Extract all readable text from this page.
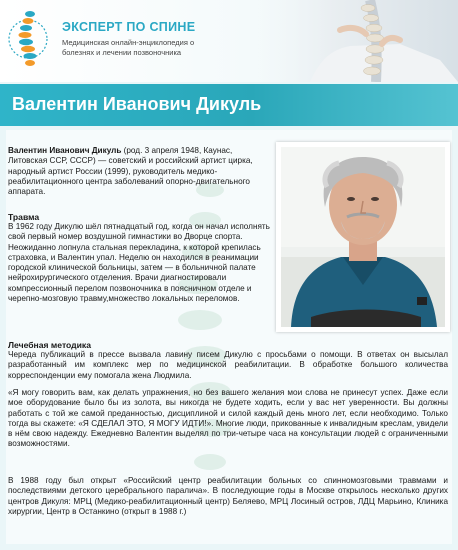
ЭКСПЕРТ ПО СПИНЕ
Медицинская онлайн-энциклопедия о болезнях и лечении позвоночника
Валентин Иванович Дикуль
Валентин Иванович Дикуль (род. 3 апреля 1948, Каунас, Литовская ССР, СССР) — советский и российский артист цирка, народный артист России (1999), руководитель медико-реабилитационного центра заболеваний опорно-двигательного аппарата.
Травма
В 1962 году Дикулю шёл пятнадцатый год, когда он начал исполнять свой первый номер воздушной гимнастики во Дворце спорта. Неожиданно лопнула стальная перекладина, к которой крепилась страховка, и Валентин упал. Неделю он находился в реанимации городской клинической больницы, затем — в больничной палате нейрохирургического отделения. Врачи диагностировали компрессионный перелом позвоночника в поясничном отделе и черепно-мозговую травму,множество локальных переломов.
Лечебная методика
Череда публикаций в прессе вызвала лавину писем Дикулю с просьбами о помощи. В ответах он высылал разработанный им комплекс мер по медицинской реабилитации. В обработке большого количества корреспонденции ему помогала жена Людмила.
«Я могу говорить вам, как делать упражнения, но без вашего желания мои слова не принесут успех. Даже если мое оборудование было бы из золота, вы никогда не будете ходить, если у вас нет уверенности. Вы должны работать с той же самой преданностью, дисциплиной и силой каждый день много лет, если необходимо. Только тогда вы скажете: «Я СДЕЛАЛ ЭТО, Я МОГУ ИДТИ!». Многие люди, прикованные к инвалидным креслам, увидели в нём свою надежду. Ежедневно Валентин выделял по три-четыре часа на консультации людей с ограниченными возможностями.
В 1988 году был открыт «Российский центр реабилитации больных со спинномозговыми травмами и последствиями детского церебрального паралича». В последующие годы в Москве открылось несколько других центров Дикуля: МРЦ (Медико-реабилитационный центр) Беляево, МРЦ Лосиный остров, ЛДЦ Марьино, Клиника хирургии, Центр в Останкино (открыт в 1988 г.)
